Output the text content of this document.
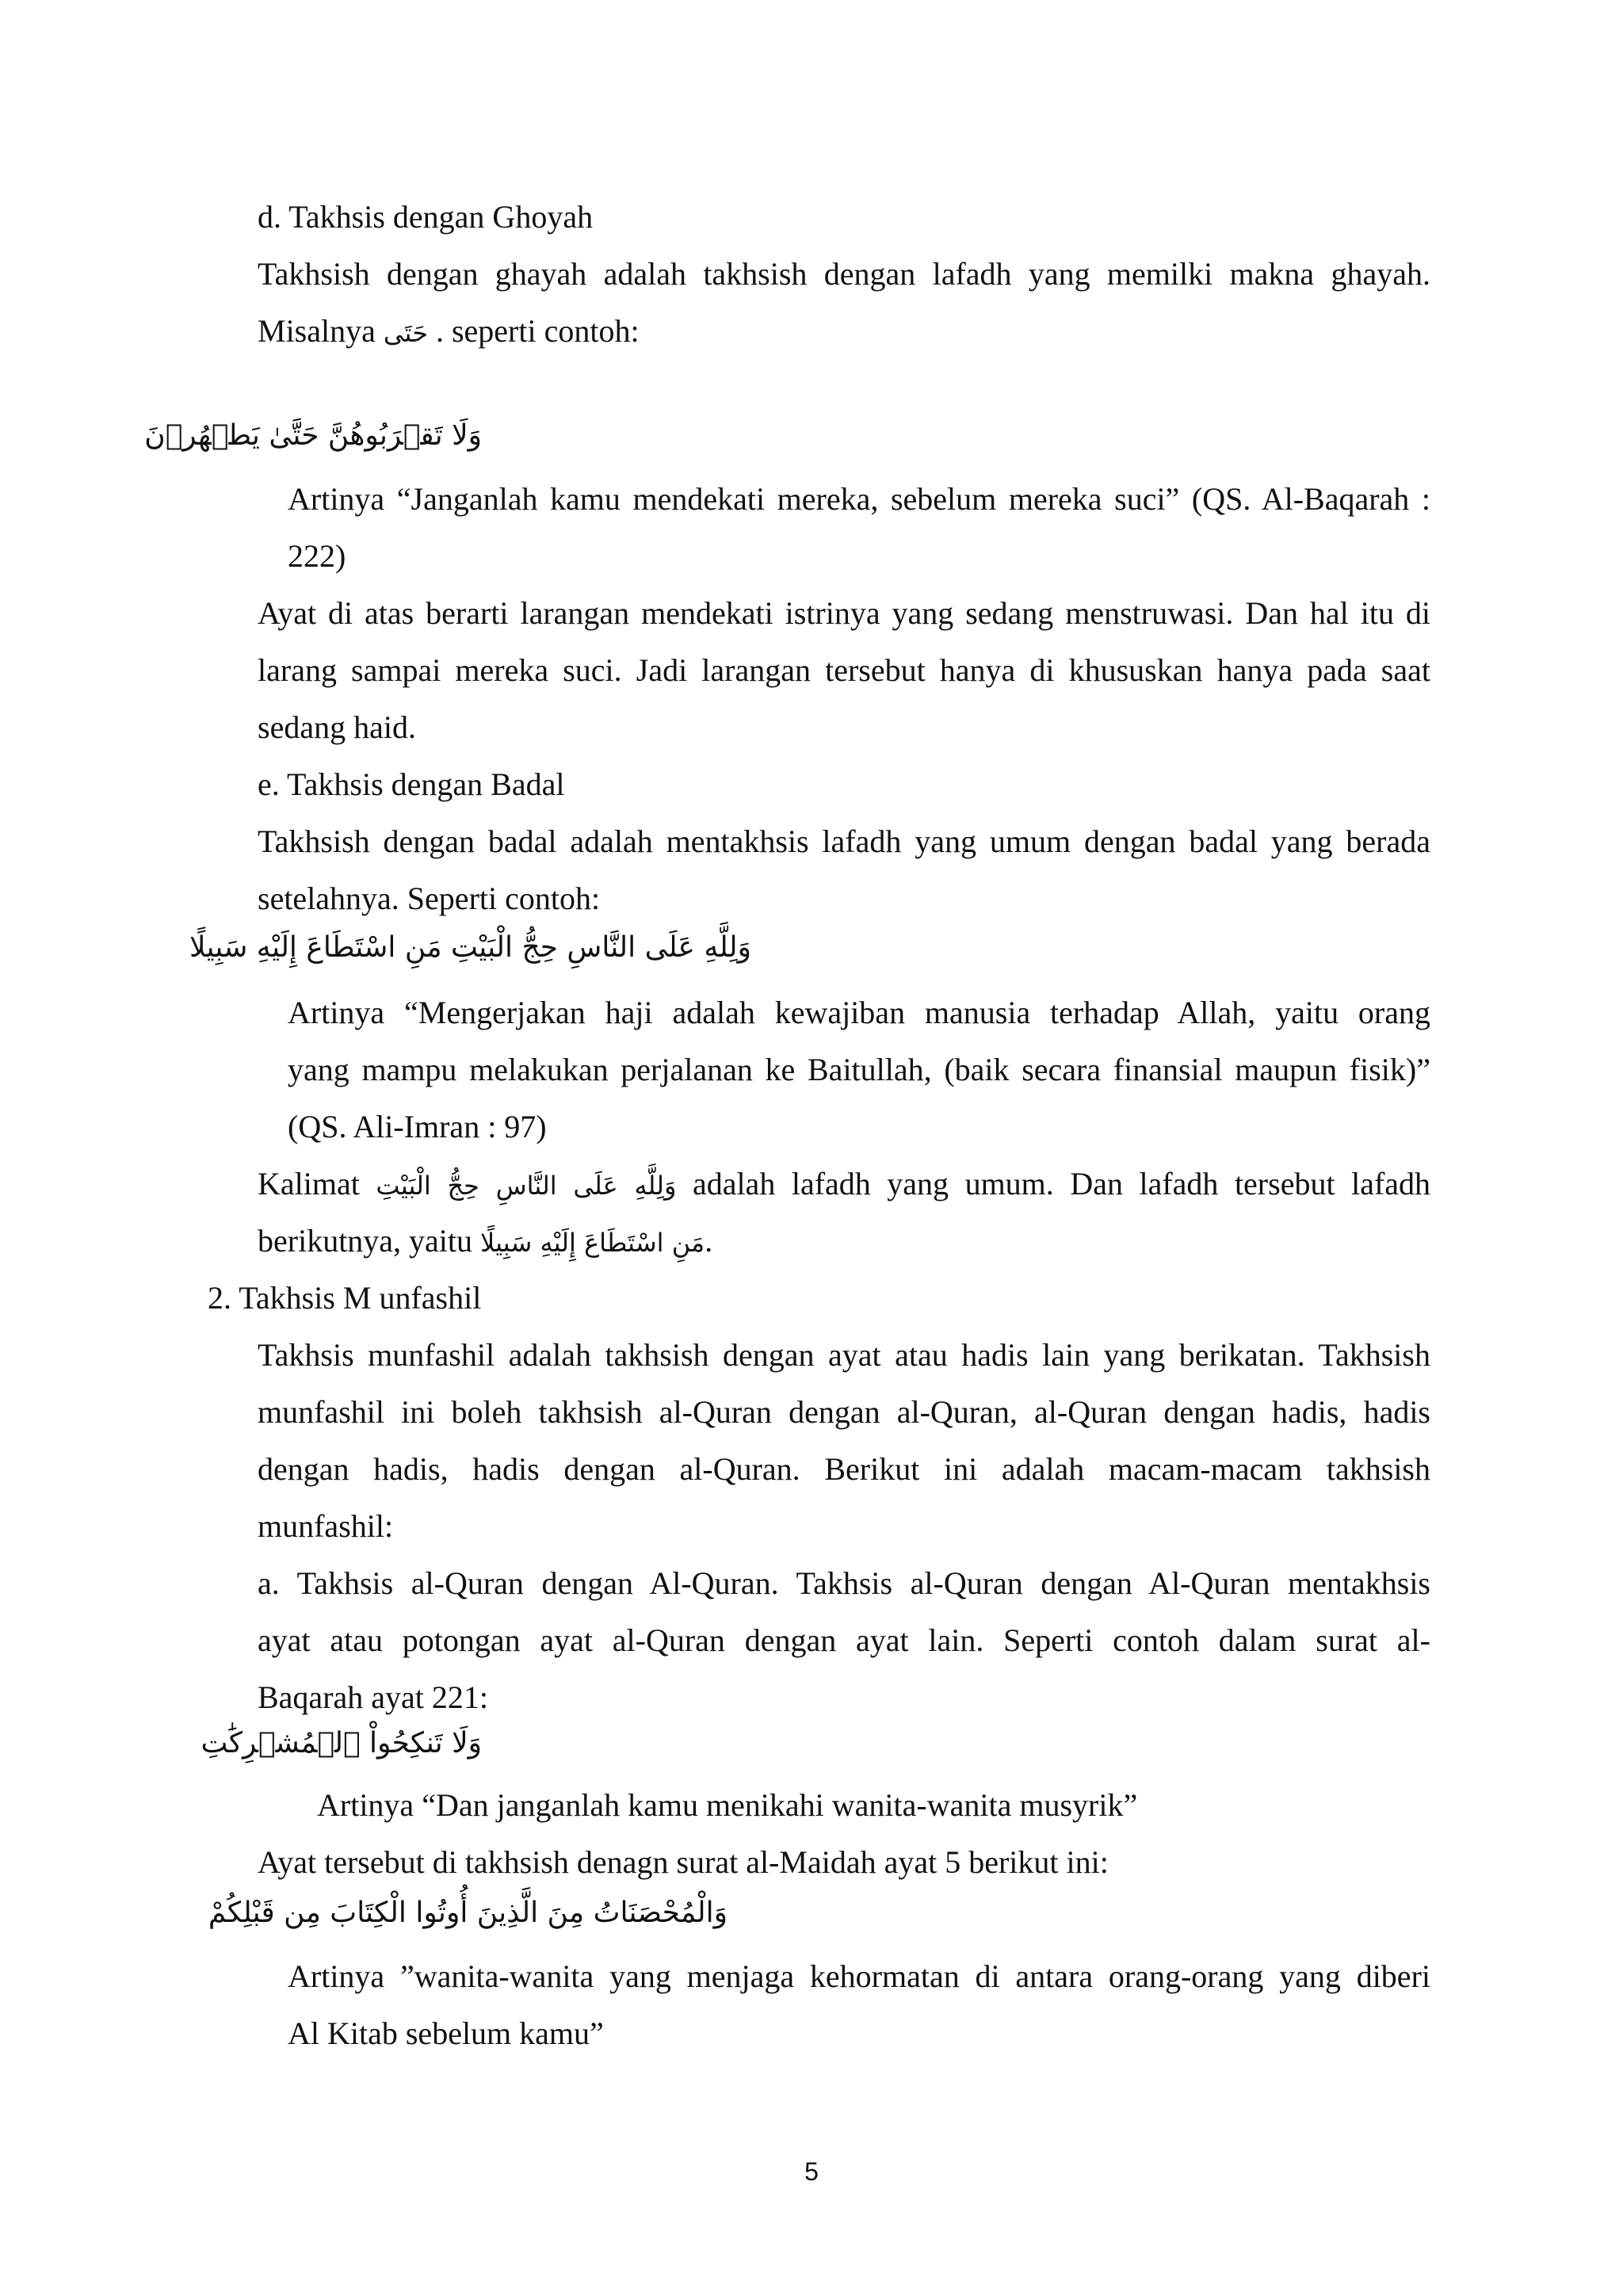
d. Takhsis dengan Ghoyah
Takhsish dengan ghayah adalah takhsish dengan lafadh yang memilki makna ghayah.
Misalnya حَتَى . seperti contoh:
وَلَا تَقۡرَبُوهُنَّ حَتَّىٰ يَطۡهُرۡنَ
Artinya “Janganlah kamu mendekati mereka, sebelum mereka suci” (QS. Al-Baqarah :
222)
Ayat di atas berarti larangan mendekati istrinya yang sedang menstruwasi. Dan hal itu di
larang sampai mereka suci. Jadi larangan tersebut hanya di khususkan hanya pada saat
sedang haid.
e. Takhsis dengan Badal
Takhsish dengan badal adalah mentakhsis lafadh yang umum dengan badal yang berada
setelahnya. Seperti contoh:
وَلِلَّهِ عَلَى النَّاسِ حِجُّ الْبَيْتِ مَنِ اسْتَطَاعَ إِلَيْهِ سَبِيلًا
Artinya “Mengerjakan haji adalah kewajiban manusia terhadap Allah, yaitu orang
yang mampu melakukan perjalanan ke Baitullah, (baik secara finansial maupun fisik)”
(QS. Ali-Imran : 97)
Kalimat وَلِلَّهِ عَلَى النَّاسِ حِجُّ الْبَيْتِ adalah lafadh yang umum. Dan lafadh tersebut lafadh
berikutnya, yaitu مَنِ اسْتَطَاعَ إِلَيْهِ سَبِيلًا.
2. Takhsis M unfashil
Takhsis munfashil adalah takhsish dengan ayat atau hadis lain yang berikatan. Takhsish
munfashil ini boleh takhsish al-Quran dengan al-Quran, al-Quran dengan hadis, hadis
dengan hadis, hadis dengan al-Quran. Berikut ini adalah macam-macam takhsish
munfashil:
a. Takhsis al-Quran dengan Al-Quran. Takhsis al-Quran dengan Al-Quran mentakhsis
ayat atau potongan ayat al-Quran dengan ayat lain. Seperti contoh dalam surat al-
Baqarah ayat 221:
وَلَا تَنكِحُواْ ٱلۡمُشۡرِكَٰتِ
Artinya “Dan janganlah kamu menikahi wanita-wanita musyrik”
Ayat tersebut di takhsish denagn surat al-Maidah ayat 5 berikut ini:
وَالْمُحْصَنَاتُ مِنَ الَّذِينَ أُوتُوا الْكِتَابَ مِن قَبْلِكُمْ
Artinya ”wanita-wanita yang menjaga kehormatan di antara orang-orang yang diberi
Al Kitab sebelum kamu”
5
